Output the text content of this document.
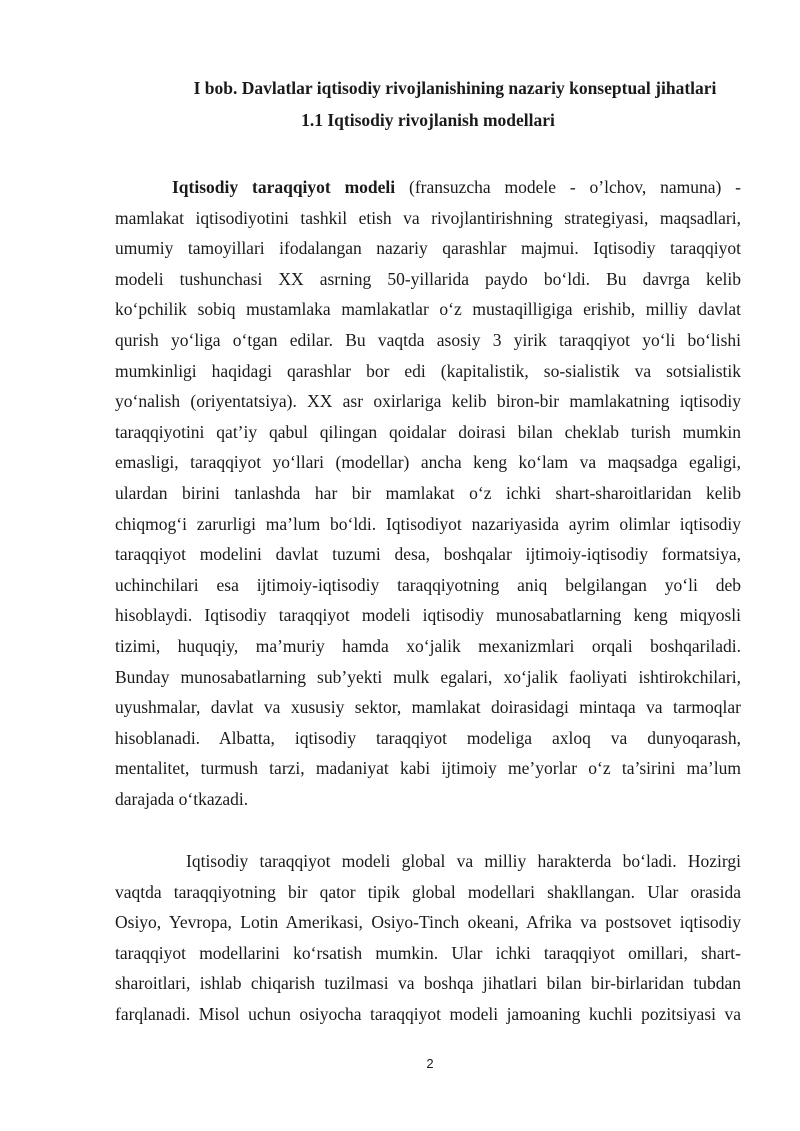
I bob. Davlatlar iqtisodiy rivojlanishining nazariy konseptual jihatlari
1.1 Iqtisodiy rivojlanish modellari
Iqtisodiy taraqqiyot modeli (fransuzcha modele - o’lchov, namuna) -
mamlakat iqtisodiyotini tashkil etish va rivojlantirishning strategiyasi, maqsadlari,
umumiy tamoyillari ifodalangan nazariy qarashlar majmui. Iqtisodiy taraqqiyot
modeli tushunchasi XX asrning 50-yillarida paydo boʻldi. Bu davrga kelib
koʻpchilik sobiq mustamlaka mamlakatlar oʻz mustaqilligiga erishib, milliy davlat
qurish yoʻliga oʻtgan edilar. Bu vaqtda asosiy 3 yirik taraqqiyot yoʻli boʻlishi
mumkinligi haqidagi qarashlar bor edi (kapitalistik, so-sialistik va sotsialistik
yoʻnalish (oriyentatsiya). XX asr oxirlariga kelib biron-bir mamlakatning iqtisodiy
taraqqiyotini qat’iy qabul qilingan qoidalar doirasi bilan cheklab turish mumkin
emasligi, taraqqiyot yoʻllari (modellar) ancha keng koʻlam va maqsadga egaligi,
ulardan birini tanlashda har bir mamlakat oʻz ichki shart-sharoitlaridan kelib
chiqmogʻi zarurligi ma’lum boʻldi. Iqtisodiyot nazariyasida ayrim olimlar iqtisodiy
taraqqiyot modelini davlat tuzumi desa, boshqalar ijtimoiy-iqtisodiy formatsiya,
uchinchilari esa ijtimoiy-iqtisodiy taraqqiyotning aniq belgilangan yoʻli deb
hisoblaydi. Iqtisodiy taraqqiyot modeli iqtisodiy munosabatlarning keng miqyosli
tizimi, huquqiy, ma’muriy hamda xoʻjalik mexanizmlari orqali boshqariladi.
Bunday munosabatlarning sub’yekti mulk egalari, xoʻjalik faoliyati ishtirokchilari,
uyushmalar, davlat va xususiy sektor, mamlakat doirasidagi mintaqa va tarmoqlar
hisoblanadi. Albatta, iqtisodiy taraqqiyot modeliga axloq va dunyoqarash,
mentalitet, turmush tarzi, madaniyat kabi ijtimoiy me’yorlar oʻz ta’sirini ma’lum
darajada oʻtkazadi.
Iqtisodiy taraqqiyot modeli global va milliy harakterda boʻladi. Hozirgi
vaqtda taraqqiyotning bir qator tipik global modellari shakllangan. Ular orasida
Osiyo, Yevropa, Lotin Amerikasi, Osiyo-Tinch okeani, Afrika va postsovet iqtisodiy
taraqqiyot modellarini koʻrsatish mumkin. Ular ichki taraqqiyot omillari, shart-
sharoitlari, ishlab chiqarish tuzilmasi va boshqa jihatlari bilan bir-birlaridan tubdan
farqlanadi. Misol uchun osiyocha taraqqiyot modeli jamoaning kuchli pozitsiyasi va
2
